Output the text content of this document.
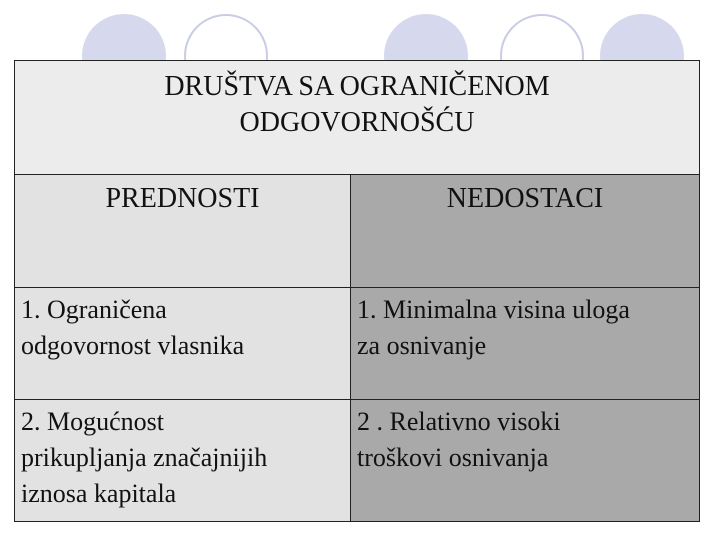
DRUŠTVA SA OGRANIČENOM
ODGOVORNOŠĆU
PREDNOSTI	NEDOSTACI
1. Ograničena
odgovornost vlasnika
1. Minimalna visina uloga
za osnivanje
2. Mogućnost
prikupljanja značajnijih
iznosa kapitala
2 . Relativno visoki
troškovi osnivanja
